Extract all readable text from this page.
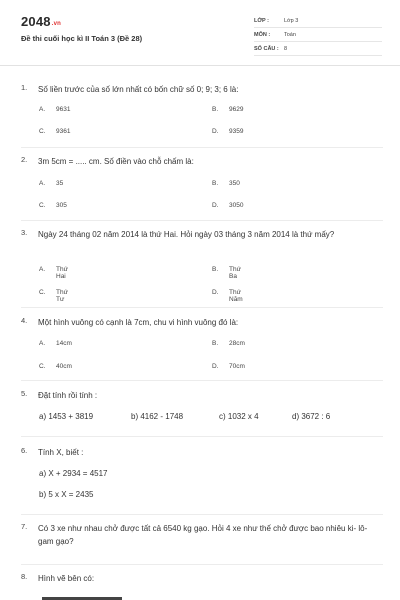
2048.vn
Đề thi cuối học kì II Toán 3 (Đề 28)
LỚP :	Lớp 3
MÔN :	Toán
SỐ CÂU : 8
1. Số liền trước của số lớn nhất có bốn chữ số 0; 9; 3; 6 là:
A. 9631	B. 9629
C. 9361	D. 9359
2. 3m 5cm = ..... cm. Số điền vào chỗ chấm là:
A. 35	B. 350
C. 305	D. 3050
3. Ngày 24 tháng 02 năm 2014 là thứ Hai. Hỏi ngày 03 tháng 3 năm 2014 là thứ mấy?
A. Thứ Hai
B. Thứ Ba
C. Thứ Tư
D. Thứ Năm
4. Một hình vuông có cạnh là 7cm, chu vi hình vuông đó là:
A. 14cm	B. 28cm
C. 40cm	D. 70cm
5. Đặt tính rồi tính :
a) 1453 + 3819	b) 4162 - 1748	c) 1032 x 4	d) 3672 : 6
6. Tính X, biết :
a) X + 2934 = 4517
b) 5 x X = 2435
7. Có 3 xe như nhau chở được tất cả 6540 kg gạo. Hỏi 4 xe như thế chở được bao nhiêu ki- lô- gam gạo?
8. Hình vẽ bên có:
